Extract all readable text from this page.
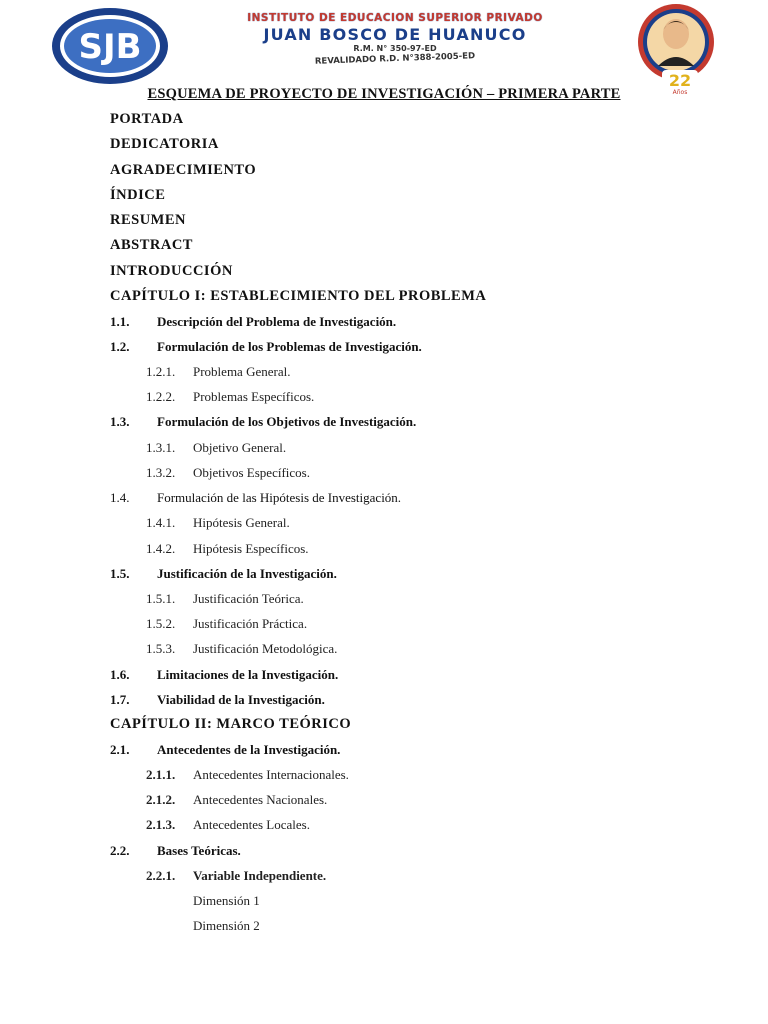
SJB
INSTITUTO DE EDUCACION SUPERIOR PRIVADO
JUAN BOSCO DE HUANUCO
R.M. N° 350-97-ED
REVALIDADO R.D. N°388-2005-ED
22
Años
ESQUEMA DE PROYECTO DE INVESTIGACIÓN – PRIMERA PARTE
PORTADA
DEDICATORIA
AGRADECIMIENTO
ÍNDICE
RESUMEN
ABSTRACT
INTRODUCCIÓN
CAPÍTULO I: ESTABLECIMIENTO DEL PROBLEMA
1.1. Descripción del Problema de Investigación.
1.2. Formulación de los Problemas de Investigación.
1.2.1. Problema General.
1.2.2. Problemas Específicos.
1.3. Formulación de los Objetivos de Investigación.
1.3.1. Objetivo General.
1.3.2. Objetivos Específicos.
1.4. Formulación de las Hipótesis de Investigación.
1.4.1. Hipótesis General.
1.4.2. Hipótesis Específicos.
1.5. Justificación de la Investigación.
1.5.1. Justificación Teórica.
1.5.2. Justificación Práctica.
1.5.3. Justificación Metodológica.
1.6. Limitaciones de la Investigación.
1.7. Viabilidad de la Investigación.
CAPÍTULO II: MARCO TEÓRICO
2.1. Antecedentes de la Investigación.
2.1.1. Antecedentes Internacionales.
2.1.2. Antecedentes Nacionales.
2.1.3. Antecedentes Locales.
2.2. Bases Teóricas.
2.2.1. Variable Independiente.
Dimensión 1
Dimensión 2
